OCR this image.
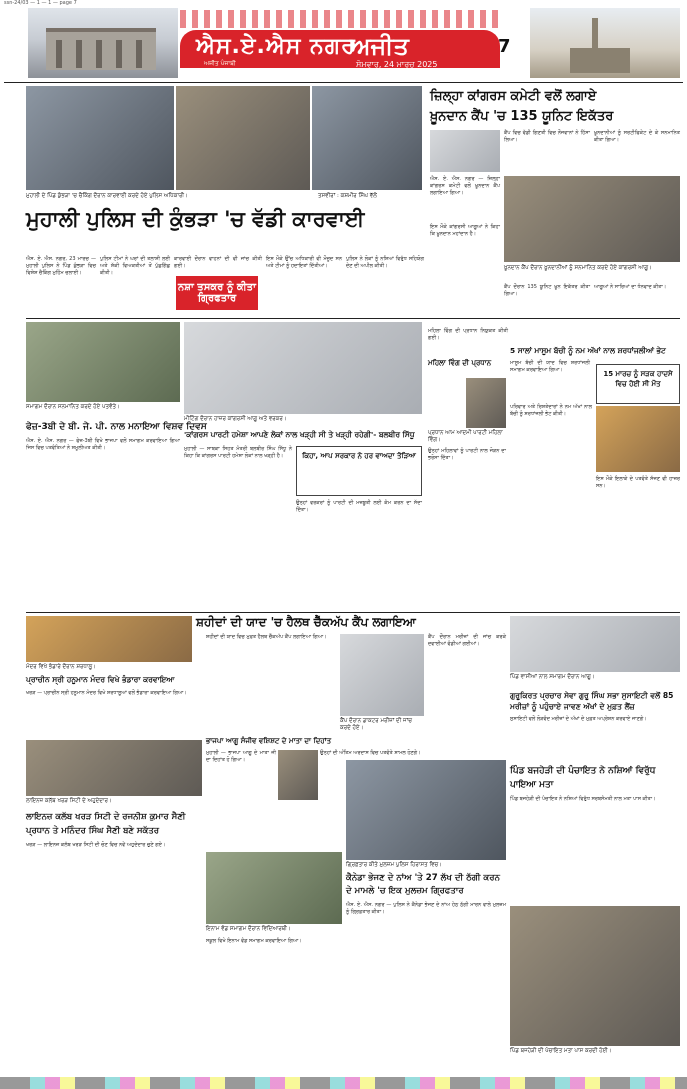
ssn-24/03 — 1 — 1 — page 7
ਐਸ.ਏ.ਐਸ ਨਗਰ
ਅਜੀਤ
ਅਜੀਤ ਪੰਜਾਬੀ	ਸੋਮਵਾਰ, 24 ਮਾਰਚ 2025
7
ਮੁਹਾਲੀ ਦੇ ਪਿੰਡ ਕੁੰਭੜਾ 'ਚ ਚੈਕਿੰਗ ਦੌਰਾਨ ਕਾਰਵਾਈ ਕਰਦੇ ਹੋਏ ਪੁਲਿਸ ਅਧਿਕਾਰੀ।	ਤਸਵੀਰਾਂ : ਕਸ਼ਮੀਰ ਸਿੰਘ ਵੱਲੋਂ
ਮੁਹਾਲੀ ਪੁਲਿਸ ਦੀ ਕੁੰਭੜਾ 'ਚ ਵੱਡੀ ਕਾਰਵਾਈ
ਐਸ. ਏ. ਐਸ. ਨਗਰ, 23 ਮਾਰਚ — ਮੁਹਾਲੀ ਪੁਲਿਸ ਨੇ ਪਿੰਡ ਕੁੰਭੜਾ ਵਿਚ ਵਿਸ਼ੇਸ਼ ਚੈਕਿੰਗ ਮੁਹਿੰਮ ਚਲਾਈ।
ਪੁਲਿਸ ਟੀਮਾਂ ਨੇ ਘਰਾਂ ਦੀ ਤਲਾਸ਼ੀ ਲਈ ਅਤੇ ਸ਼ੱਕੀ ਵਿਅਕਤੀਆਂ ਤੋਂ ਪੁੱਛਗਿੱਛ ਕੀਤੀ।
ਕਾਰਵਾਈ ਦੌਰਾਨ ਵਾਹਨਾਂ ਦੀ ਵੀ ਜਾਂਚ ਕੀਤੀ ਗਈ।
ਨਸ਼ਾ ਤਸਕਰ ਨੂੰ ਕੀਤਾ ਗ੍ਰਿਫਤਾਰ
ਇਸ ਮੌਕੇ ਉੱਚ ਅਧਿਕਾਰੀ ਵੀ ਮੌਜੂਦ ਸਨ ਅਤੇ ਟੀਮਾਂ ਨੂੰ ਹਦਾਇਤਾਂ ਦਿੱਤੀਆਂ।
ਪੁਲਿਸ ਨੇ ਲੋਕਾਂ ਨੂੰ ਨਸ਼ਿਆਂ ਵਿਰੁੱਧ ਸਹਿਯੋਗ ਦੇਣ ਦੀ ਅਪੀਲ ਕੀਤੀ।
ਜ਼ਿਲ੍ਹਾ ਕਾਂਗਰਸ ਕਮੇਟੀ ਵਲੋਂ ਲਗਾਏ
ਖ਼ੂਨਦਾਨ ਕੈਂਪ 'ਚ 135 ਯੂਨਿਟ ਇਕੱਤਰ
ਐਸ. ਏ. ਐਸ. ਨਗਰ — ਜ਼ਿਲ੍ਹਾ ਕਾਂਗਰਸ ਕਮੇਟੀ ਵਲੋਂ ਖ਼ੂਨਦਾਨ ਕੈਂਪ ਲਗਾਇਆ ਗਿਆ।
ਕੈਂਪ ਵਿਚ ਵੱਡੀ ਗਿਣਤੀ ਵਿਚ ਨੌਜਵਾਨਾਂ ਨੇ ਹਿੱਸਾ ਲਿਆ।
ਖ਼ੂਨਦਾਨੀਆਂ ਨੂੰ ਸਰਟੀਫਿਕੇਟ ਦੇ ਕੇ ਸਨਮਾਨਿਤ ਕੀਤਾ ਗਿਆ।
ਖ਼ੂਨਦਾਨ ਕੈਂਪ ਦੌਰਾਨ ਖ਼ੂਨਦਾਨੀਆਂ ਨੂੰ ਸਨਮਾਨਿਤ ਕਰਦੇ ਹੋਏ ਕਾਂਗਰਸੀ ਆਗੂ।
ਇਸ ਮੌਕੇ ਕਾਂਗਰਸੀ ਆਗੂਆਂ ਨੇ ਕਿਹਾ ਕਿ ਖ਼ੂਨਦਾਨ ਮਹਾਂਦਾਨ ਹੈ।
ਕੈਂਪ ਦੌਰਾਨ 135 ਯੂਨਿਟ ਖ਼ੂਨ ਇਕੱਤਰ ਕੀਤਾ ਗਿਆ।
ਆਗੂਆਂ ਨੇ ਸਾਰਿਆਂ ਦਾ ਧੰਨਵਾਦ ਕੀਤਾ।
ਸਮਾਗਮ ਦੌਰਾਨ ਸਨਮਾਨਿਤ ਕਰਦੇ ਹੋਏ ਪਤਵੰਤੇ।
ਫੇਜ਼-3ਬੀ ਦੇ ਬੀ. ਜੇ. ਪੀ. ਨਾਲ ਮਨਾਇਆ ਵਿਸ਼ਵ ਦਿਵਸ
ਐਸ. ਏ. ਐਸ. ਨਗਰ — ਫੇਜ਼-3ਬੀ ਵਿਖੇ ਭਾਜਪਾ ਵਲੋਂ ਸਮਾਗਮ ਕਰਵਾਇਆ ਗਿਆ ਜਿਸ ਵਿਚ ਪਤਵੰਤਿਆਂ ਨੇ ਸ਼ਮੂਲੀਅਤ ਕੀਤੀ।
ਮੀਟਿੰਗ ਦੌਰਾਨ ਹਾਜ਼ਰ ਕਾਂਗਰਸੀ ਆਗੂ ਅਤੇ ਵਰਕਰ।
'ਕਾਂਗਰਸ ਪਾਰਟੀ ਹਮੇਸ਼ਾ ਆਪਣੇ ਲੋਕਾਂ ਨਾਲ ਖੜ੍ਹੀ ਸੀ ਤੇ ਖੜ੍ਹੀ ਰਹੇਗੀ'- ਬਲਬੀਰ ਸਿੱਧੂ
ਮੁਹਾਲੀ — ਸਾਬਕਾ ਸਿਹਤ ਮੰਤਰੀ ਬਲਬੀਰ ਸਿੰਘ ਸਿੱਧੂ ਨੇ ਕਿਹਾ ਕਿ ਕਾਂਗਰਸ ਪਾਰਟੀ ਹਮੇਸ਼ਾ ਲੋਕਾਂ ਨਾਲ ਖੜ੍ਹੀ ਹੈ।	ਕਿਹਾ, ਆਪ ਸਰਕਾਰ ਨੇ ਹਰ ਵਾਅਦਾ ਤੋੜਿਆ
ਉਨ੍ਹਾਂ ਵਰਕਰਾਂ ਨੂੰ ਪਾਰਟੀ ਦੀ ਮਜ਼ਬੂਤੀ ਲਈ ਕੰਮ ਕਰਨ ਦਾ ਸੱਦਾ ਦਿੱਤਾ।
ਮਹਿਲਾ ਵਿੰਗ ਦੀ ਪ੍ਰਧਾਨ ਨਿਯੁਕਤ ਕੀਤੀ ਗਈ।
ਮਹਿਲਾ ਵਿੰਗ ਦੀ ਪ੍ਰਧਾਨ
ਪ੍ਰਧਾਨ ਆਮ ਆਦਮੀ ਪਾਰਟੀ ਮਹਿਲਾ ਵਿੰਗ।
5 ਸਾਲਾਂ ਮਾਸੂਮ ਬੱਚੀ ਨੂੰ ਨਮ ਅੱਖਾਂ ਨਾਲ ਸ਼ਰਧਾਂਜਲੀਆਂ ਭੇਟ
ਮਾਸੂਮ ਬੱਚੀ ਦੀ ਯਾਦ ਵਿਚ ਸ਼ਰਧਾਂਜਲੀ ਸਮਾਗਮ ਕਰਵਾਇਆ ਗਿਆ।	15 ਮਾਰਚ ਨੂੰ ਸੜਕ ਹਾਦਸੇ ਵਿਚ ਹੋਈ ਸੀ ਮੌਤ
ਪਰਿਵਾਰ ਅਤੇ ਰਿਸ਼ਤੇਦਾਰਾਂ ਨੇ ਨਮ ਅੱਖਾਂ ਨਾਲ ਬੱਚੀ ਨੂੰ ਸ਼ਰਧਾਂਜਲੀ ਭੇਟ ਕੀਤੀ।
ਇਸ ਮੌਕੇ ਇਲਾਕੇ ਦੇ ਪਤਵੰਤੇ ਸੱਜਣ ਵੀ ਹਾਜ਼ਰ ਸਨ।
ਉਨ੍ਹਾਂ ਮਹਿਲਾਵਾਂ ਨੂੰ ਪਾਰਟੀ ਨਾਲ ਜੋੜਨ ਦਾ ਭਰੋਸਾ ਦਿੱਤਾ।
ਸ਼ਹੀਦਾਂ ਦੀ ਯਾਦ 'ਚ ਹੈਲਥ ਚੈੱਕਅੱਪ ਕੈਂਪ ਲਗਾਇਆ
ਮੰਦਰ ਵਿਖੇ ਭੰਡਾਰੇ ਦੌਰਾਨ ਸ਼ਰਧਾਲੂ।
ਪ੍ਰਾਚੀਨ ਸ੍ਰੀ ਹਨੂਮਾਨ ਮੰਦਰ ਵਿਖੇ ਭੰਡਾਰਾ ਕਰਵਾਇਆ
ਖਰੜ — ਪ੍ਰਾਚੀਨ ਸ੍ਰੀ ਹਨੂਮਾਨ ਮੰਦਰ ਵਿਖੇ ਸ਼ਰਧਾਲੂਆਂ ਵਲੋਂ ਭੰਡਾਰਾ ਕਰਵਾਇਆ ਗਿਆ।
ਲਾਇਨਜ਼ ਕਲੱਬ ਖਰੜ ਸਿਟੀ ਦੇ ਅਹੁਦੇਦਾਰ।
ਲਾਇਨਜ਼ ਕਲੱਬ ਖਰੜ ਸਿਟੀ ਦੇ ਰਜਨੀਸ਼ ਕੁਮਾਰ ਸੈਣੀ ਪ੍ਰਧਾਨ ਤੇ ਮਨਿੰਦਰ ਸਿੰਘ ਸੈਣੀ ਬਣੇ ਸਕੱਤਰ
ਖਰੜ — ਲਾਇਨਜ਼ ਕਲੱਬ ਖਰੜ ਸਿਟੀ ਦੀ ਚੋਣ ਵਿਚ ਨਵੇਂ ਅਹੁਦੇਦਾਰ ਚੁਣੇ ਗਏ।
ਸ਼ਹੀਦਾਂ ਦੀ ਯਾਦ ਵਿਚ ਮੁਫ਼ਤ ਹੈਲਥ ਚੈੱਕਅੱਪ ਕੈਂਪ ਲਗਾਇਆ ਗਿਆ।
ਕੈਂਪ ਦੌਰਾਨ ਡਾਕਟਰ ਮਰੀਜ਼ਾਂ ਦੀ ਜਾਂਚ ਕਰਦੇ ਹੋਏ।
ਭਾਜਪਾ ਆਗੂ ਸੰਜੀਵ ਵਸ਼ਿਸ਼ਟ ਦੇ ਮਾਤਾ ਦਾ ਦਿਹਾਂਤ
ਮੁਹਾਲੀ — ਭਾਜਪਾ ਆਗੂ ਦੇ ਮਾਤਾ ਜੀ ਦਾ ਦਿਹਾਂਤ ਹੋ ਗਿਆ।
ਉਨ੍ਹਾਂ ਦੀ ਅੰਤਿਮ ਅਰਦਾਸ ਵਿਚ ਪਤਵੰਤੇ ਸ਼ਾਮਲ ਹੋਣਗੇ।
ਇਨਾਮ ਵੰਡ ਸਮਾਗਮ ਦੌਰਾਨ ਵਿਦਿਆਰਥੀ।
ਸਕੂਲ ਵਿਖੇ ਇਨਾਮ ਵੰਡ ਸਮਾਗਮ ਕਰਵਾਇਆ ਗਿਆ।
ਗ੍ਰਿਫ਼ਤਾਰ ਕੀਤੇ ਮੁਲਜ਼ਮ ਪੁਲਿਸ ਹਿਰਾਸਤ ਵਿਚ।
ਕੈਨੇਡਾ ਭੇਜਣ ਦੇ ਨਾਂਅ 'ਤੇ 27 ਲੱਖ ਦੀ ਠੱਗੀ ਕਰਨ ਦੇ ਮਾਮਲੇ 'ਚ ਇਕ ਮੁਲਜ਼ਮ ਗ੍ਰਿਫਤਾਰ
ਐਸ. ਏ. ਐਸ. ਨਗਰ — ਪੁਲਿਸ ਨੇ ਕੈਨੇਡਾ ਭੇਜਣ ਦੇ ਨਾਂਅ ਹੇਠ ਠੱਗੀ ਮਾਰਨ ਵਾਲੇ ਮੁਲਜ਼ਮ ਨੂੰ ਗ੍ਰਿਫ਼ਤਾਰ ਕੀਤਾ।
ਕੈਂਪ ਦੌਰਾਨ ਮਰੀਜ਼ਾਂ ਦੀ ਜਾਂਚ ਕਰਕੇ ਦਵਾਈਆਂ ਵੰਡੀਆਂ ਗਈਆਂ।
ਪਿੰਡ ਵਾਸੀਆਂ ਨਾਲ ਸਮਾਗਮ ਦੌਰਾਨ ਆਗੂ।
ਗੁਰੂਕਿਰਤ ਪ੍ਰਚਾਰ ਸੇਵਾ ਗੁਰੂ ਸਿੰਘ ਸਭਾ ਸੁਸਾਇਟੀ ਵਲੋਂ 85 ਮਰੀਜ਼ਾਂ ਨੂੰ ਪਹੁੰਚਾਏ ਜਾਵਣ ਅੱਖਾਂ ਦੇ ਮੁਫ਼ਤ ਲੈਂਜ਼
ਸੁਸਾਇਟੀ ਵਲੋਂ ਲੋੜਵੰਦ ਮਰੀਜ਼ਾਂ ਦੇ ਅੱਖਾਂ ਦੇ ਮੁਫ਼ਤ ਅਪ੍ਰੇਸ਼ਨ ਕਰਵਾਏ ਜਾਣਗੇ।
ਪਿੰਡ ਬਜਹੇੜੀ ਦੀ ਪੰਚਾਇਤ ਨੇ ਨਸ਼ਿਆਂ ਵਿਰੁੱਧ ਪਾਇਆ ਮਤਾ
ਪਿੰਡ ਬਜਹੇੜੀ ਦੀ ਪੰਚਾਇਤ ਨੇ ਨਸ਼ਿਆਂ ਵਿਰੁੱਧ ਸਰਬਸੰਮਤੀ ਨਾਲ ਮਤਾ ਪਾਸ ਕੀਤਾ।
ਪਿੰਡ ਬਜਹੇੜੀ ਦੀ ਪੰਚਾਇਤ ਮਤਾ ਪਾਸ ਕਰਦੀ ਹੋਈ।
